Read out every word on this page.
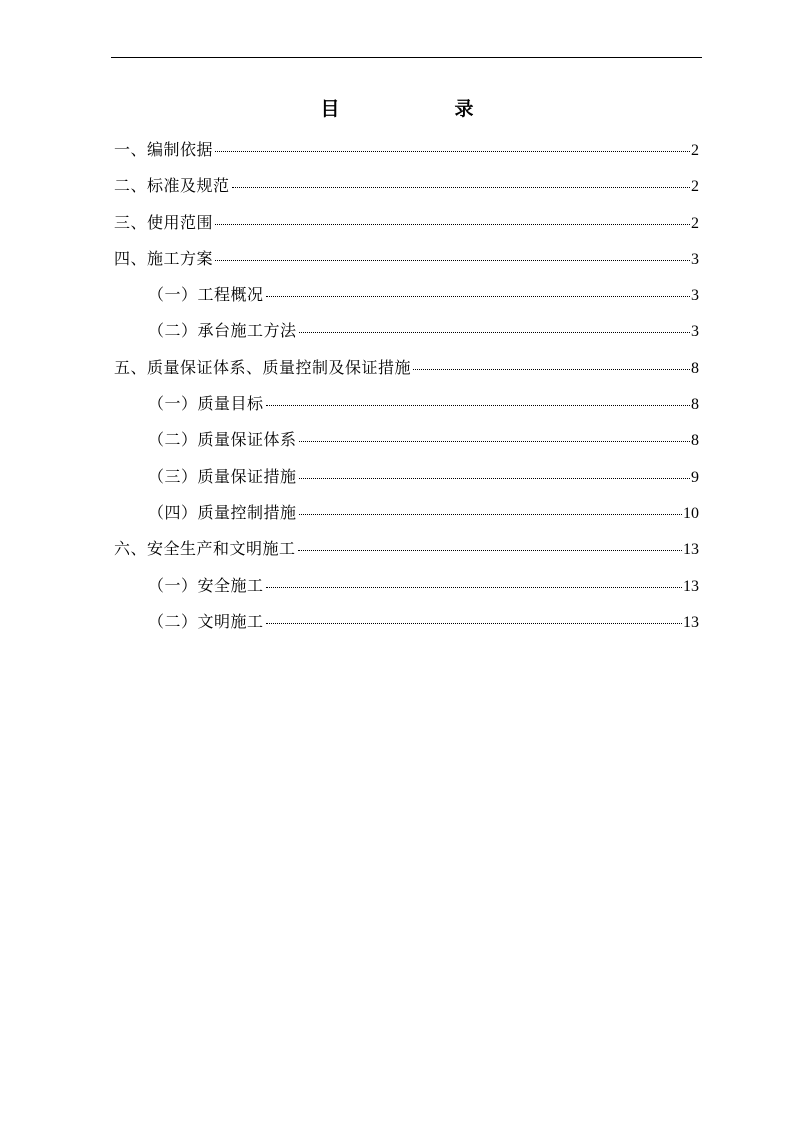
目　录
一、编制依据	2
二、标准及规范	2
三、使用范围	2
四、施工方案	3
（一）工程概况	3
（二）承台施工方法	3
五、质量保证体系、质量控制及保证措施	8
（一）质量目标	8
（二）质量保证体系	8
（三）质量保证措施	9
（四）质量控制措施	10
六、安全生产和文明施工	13
（一）安全施工	13
（二）文明施工	13
